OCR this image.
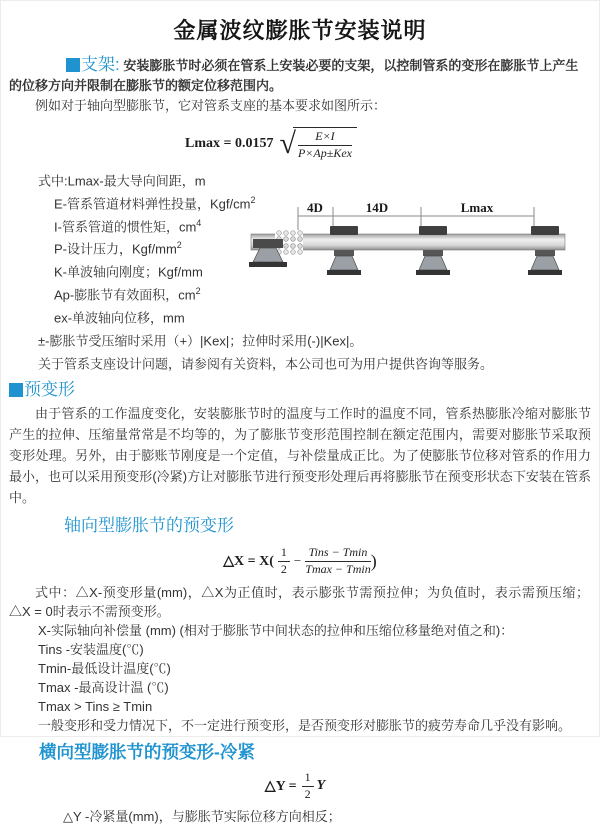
金属波纹膨胀节安装说明
支架: 安装膨胀节时必须在管系上安装必要的支架，以控制管系的变形在膨胀节上产生的位移方向并限制在膨胀节的额定位移范围内。
例如对于轴向型膨胀节，它对管系支座的基本要求如图所示：
Lmax = 0.0157 √ $\frac{E\times I}{\text{P×Ap±Kex}}$
式中:Lmax-最大导向间距，m
E-管系管道材料弹性投量，Kgf/$cm^2$
I-管系管道的惯性矩，$cm^4$
P-设计压力，Kgf/$mm^2$
K-单波轴向刚度；Kgf/mm
Ap-膨胀节有效面积，$cm^2$
ex-单波轴向位移，mm
±-膨胀节受压缩时采用（+）|Kex|；拉伸时采用(-)|Kex|。
关于管系支座设计问题，请参阅有关资料，本公司也可为用户提供咨询等服务。
4D	14D	Lmax
预变形
由于管系的工作温度变化，安装膨胀节时的温度与工作时的温度不同，管系热膨胀冷缩对膨胀节产生的拉伸、压缩量常常是不均等的，为了膨胀节变形范围控制在额定范围内，需要对膨胀节采取预变形处理。另外，由于膨账节刚度是一个定值，与补偿量成正比。为了使膨胀节位移对管系的作用力最小，也可以采用预变形(冷紧)方让对膨胀节进行预变形处理后再将膨胀节在预变形状态下安装在管系中。
轴向型膨胀节的预变形
△X = $X( \frac{1}{2} - \frac{\text{Tins − Tmin}}{Tmax - Tmin}$ )
式中：△X-预变形量(mm)，△X为正值时，表示膨张节需预拉伸；为负值时，表示需预压缩；△X = 0时表示不需预变形。
X-实际轴向补偿量 (mm) (相对于膨胀节中间状态的拉伸和压缩位移量绝对值之和)：
Tins -安装温度(℃)
Tmin-最低设计温度(℃)
Tmax -最高设计温 (℃)
Tmax > Tins ≥ Tmin
一般变形和受力情况下，不一定进行预变形，是否预变形对膨胀节的疲劳寿命几乎没有影响。
横向型膨胀节的预变形-冷紧
△Y = $\frac{1}{2}$ Y
△Y -冷紧量(mm)，与膨胀节实际位移方向相反；
